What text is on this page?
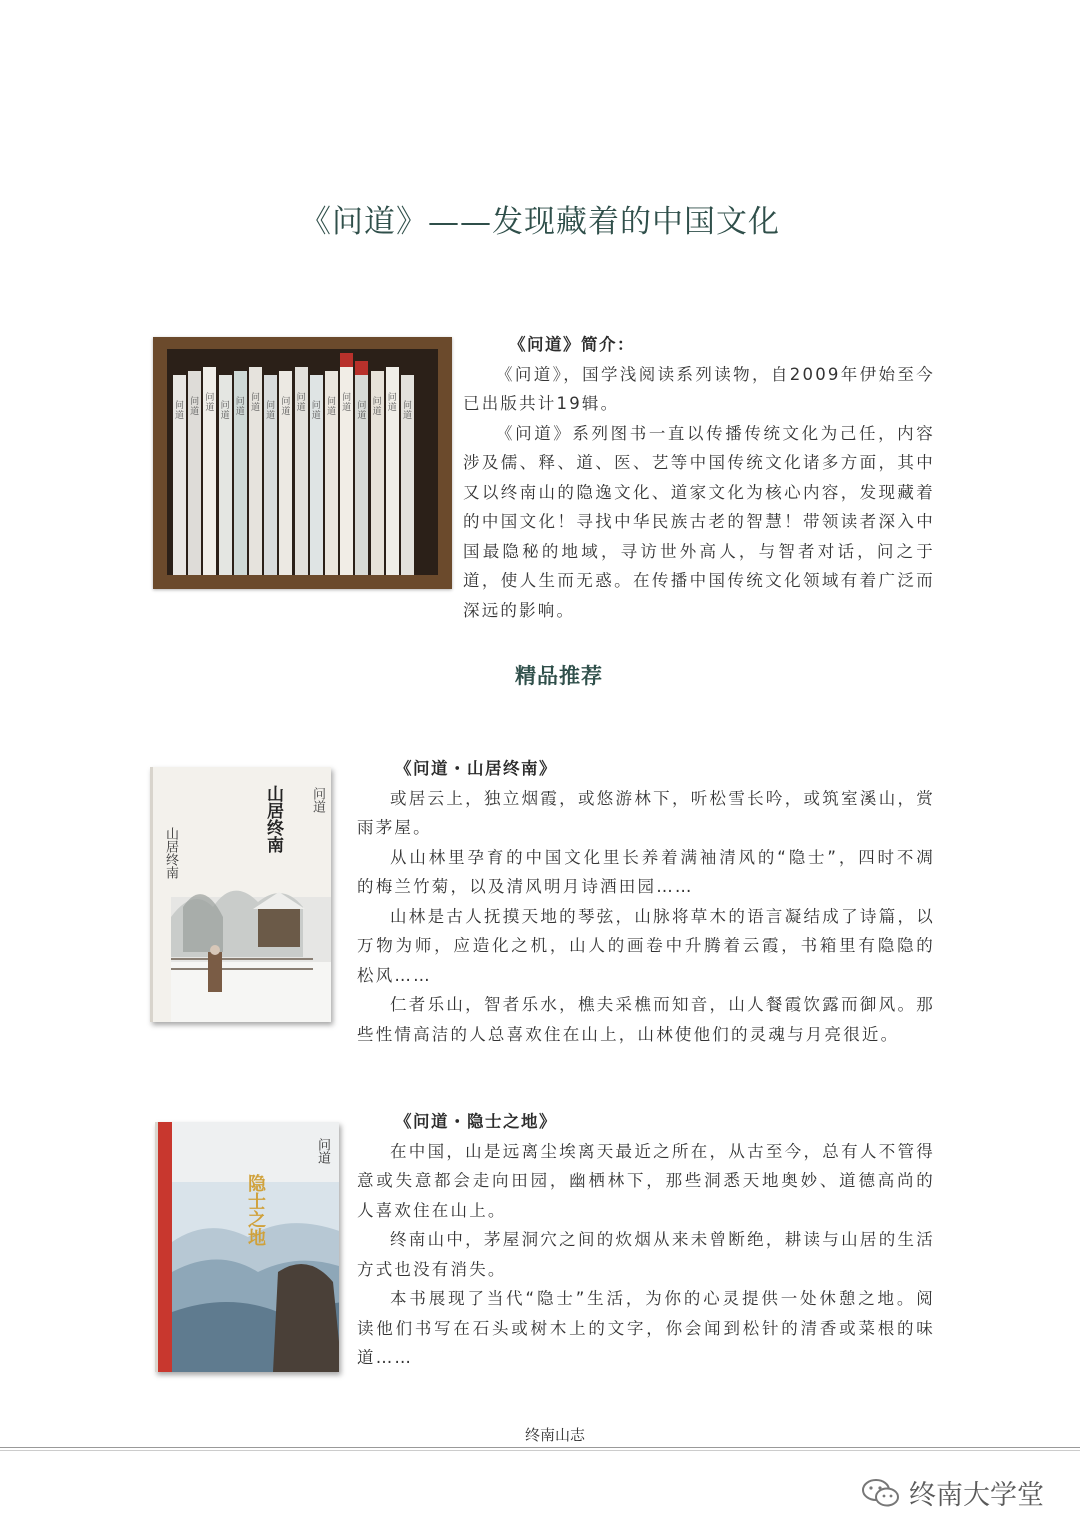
《问道》——发现藏着的中国文化
问道
问道
问道 问道
问道
问道 问道
问道
问道 问道
问道
问道 问道
问道
问道 问道
《问道》简介：

《问道》，国学浅阅读系列读物，自2009年伊始至今已出版共计19辑。

《问道》系列图书一直以传播传统文化为己任，内容涉及儒、释、道、医、艺等中国传统文化诸多方面，其中又以终南山的隐逸文化、道家文化为核心内容，发现藏着的中国文化！寻找中华民族古老的智慧！带领读者深入中国最隐秘的地域，寻访世外高人，与智者对话，问之于道，使人生而无惑。在传播中国传统文化领域有着广泛而深远的影响。

精品推荐
山居终南	山居终南 问道
《问道・山居终南》

或居云上，独立烟霞，或悠游林下，听松雪长吟，或筑室溪山，赏雨茅屋。

从山林里孕育的中国文化里长养着满袖清风的“隐士”，四时不凋的梅兰竹菊，以及清风明月诗酒田园……

山林是古人抚摸天地的琴弦，山脉将草木的语言凝结成了诗篇，以万物为师，应造化之机，山人的画卷中升腾着云霞，书箱里有隐隐的松风……

仁者乐山，智者乐水，樵夫采樵而知音，山人餐霞饮露而御风。那些性情高洁的人总喜欢住在山上，山林使他们的灵魂与月亮很近。

隐士之地
问道
《问道・隐士之地》

在中国，山是远离尘埃离天最近之所在，从古至今，总有人不管得意或失意都会走向田园，幽栖林下，那些洞悉天地奥妙、道德高尚的人喜欢住在山上。

终南山中，茅屋洞穴之间的炊烟从来未曾断绝，耕读与山居的生活方式也没有消失。

本书展现了当代“隐士”生活，为你的心灵提供一处休憩之地。阅读他们书写在石头或树木上的文字，你会闻到松针的清香或菜根的味道……

终南山志
终南大学堂
